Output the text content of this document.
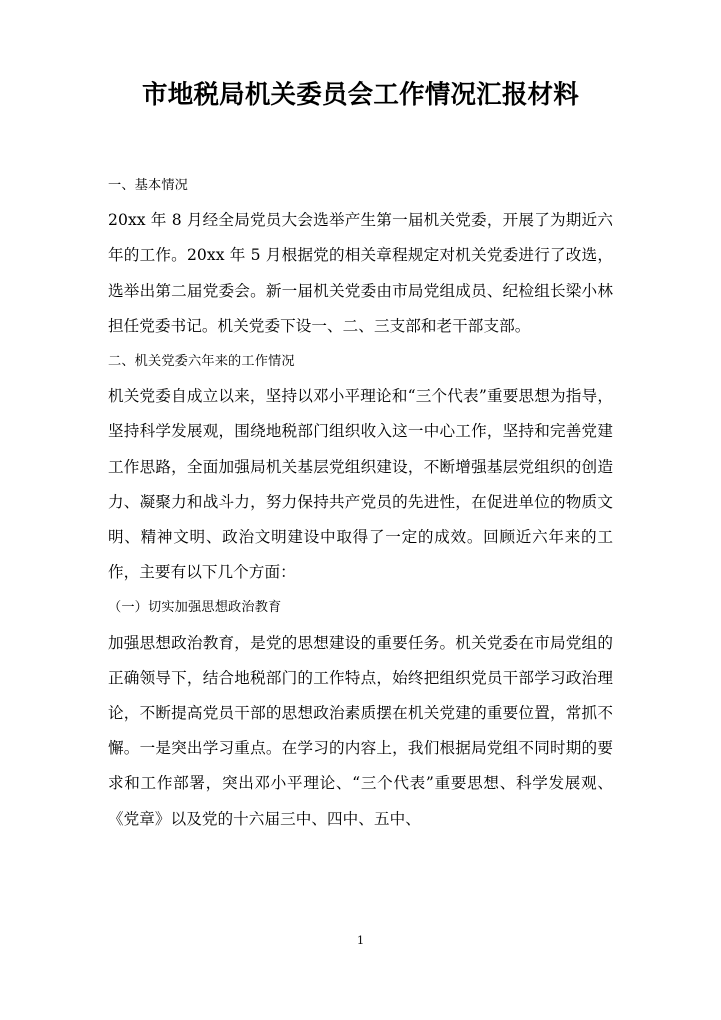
市地税局机关委员会工作情况汇报材料
一、基本情况
20xx 年 8 月经全局党员大会选举产生第一届机关党委，开展了为期近六年的工作。20xx 年 5 月根据党的相关章程规定对机关党委进行了改选，选举出第二届党委会。新一届机关党委由市局党组成员、纪检组长梁小林担任党委书记。机关党委下设一、二、三支部和老干部支部。
二、机关党委六年来的工作情况
机关党委自成立以来，坚持以邓小平理论和“三个代表”重要思想为指导，坚持科学发展观，围绕地税部门组织收入这一中心工作，坚持和完善党建工作思路，全面加强局机关基层党组织建设，不断增强基层党组织的创造力、凝聚力和战斗力，努力保持共产党员的先进性，在促进单位的物质文明、精神文明、政治文明建设中取得了一定的成效。回顾近六年来的工作，主要有以下几个方面：
（一）切实加强思想政治教育
加强思想政治教育，是党的思想建设的重要任务。机关党委在市局党组的正确领导下，结合地税部门的工作特点，始终把组织党员干部学习政治理论，不断提高党员干部的思想政治素质摆在机关党建的重要位置，常抓不懈。一是突出学习重点。在学习的内容上，我们根据局党组不同时期的要求和工作部署，突出邓小平理论、“三个代表”重要思想、科学发展观、《党章》以及党的十六届三中、四中、五中、
1
